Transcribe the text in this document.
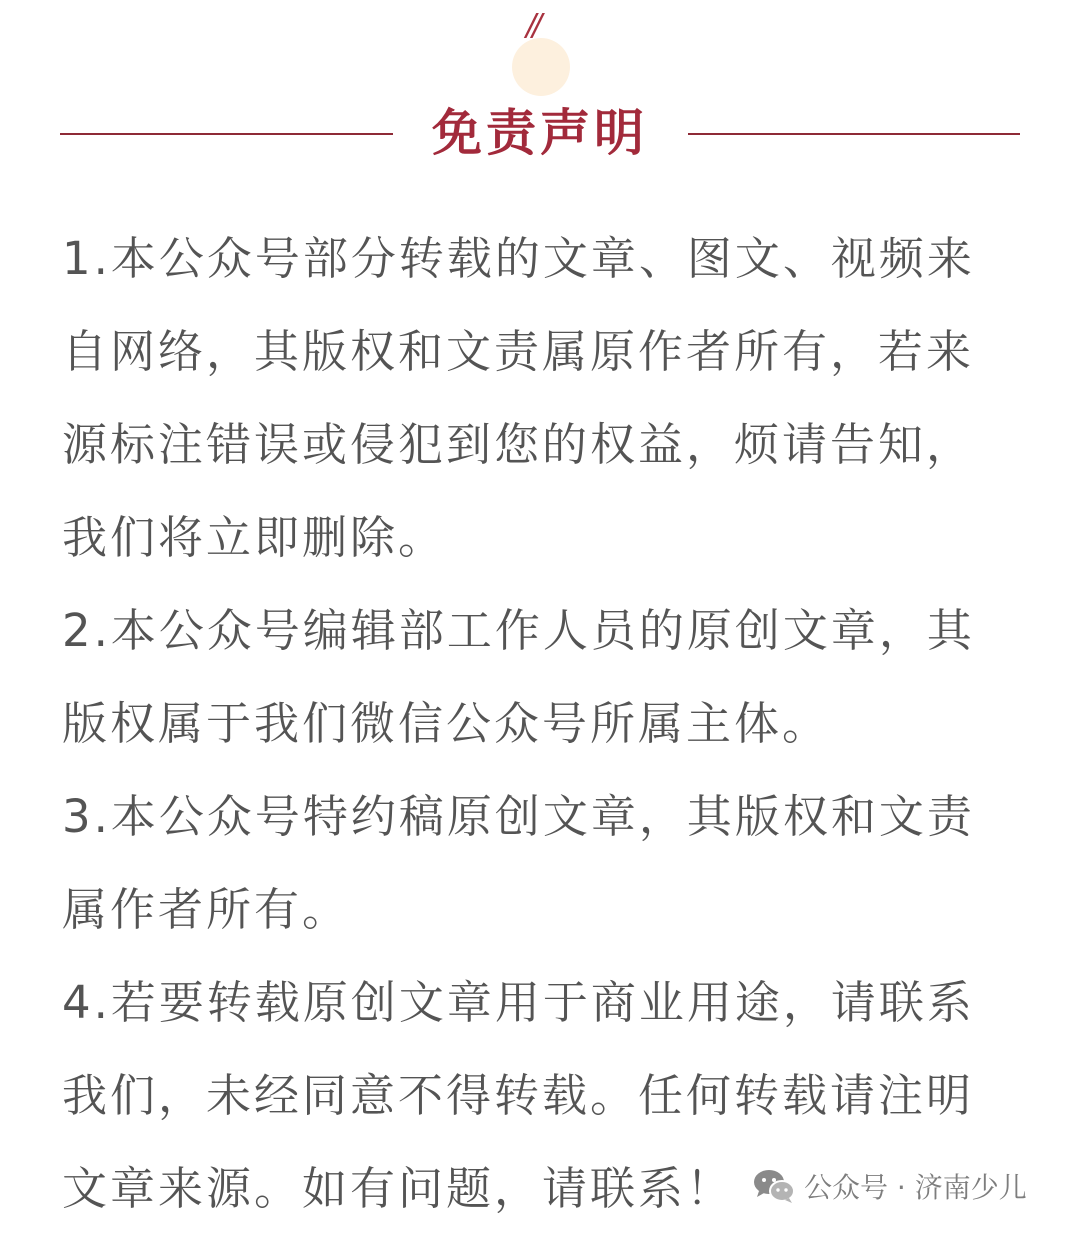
//
免责声明
1.本公众号部分转载的文章、图文、视频来
自网络，其版权和文责属原作者所有，若来
源标注错误或侵犯到您的权益，烦请告知，
我们将立即删除。
2.本公众号编辑部工作人员的原创文章，其
版权属于我们微信公众号所属主体。
3.本公众号特约稿原创文章，其版权和文责
属作者所有。
4.若要转载原创文章用于商业用途，请联系
我们，未经同意不得转载。任何转载请注明
文章来源。如有问题，请联系！	公众号 · 济南少儿
